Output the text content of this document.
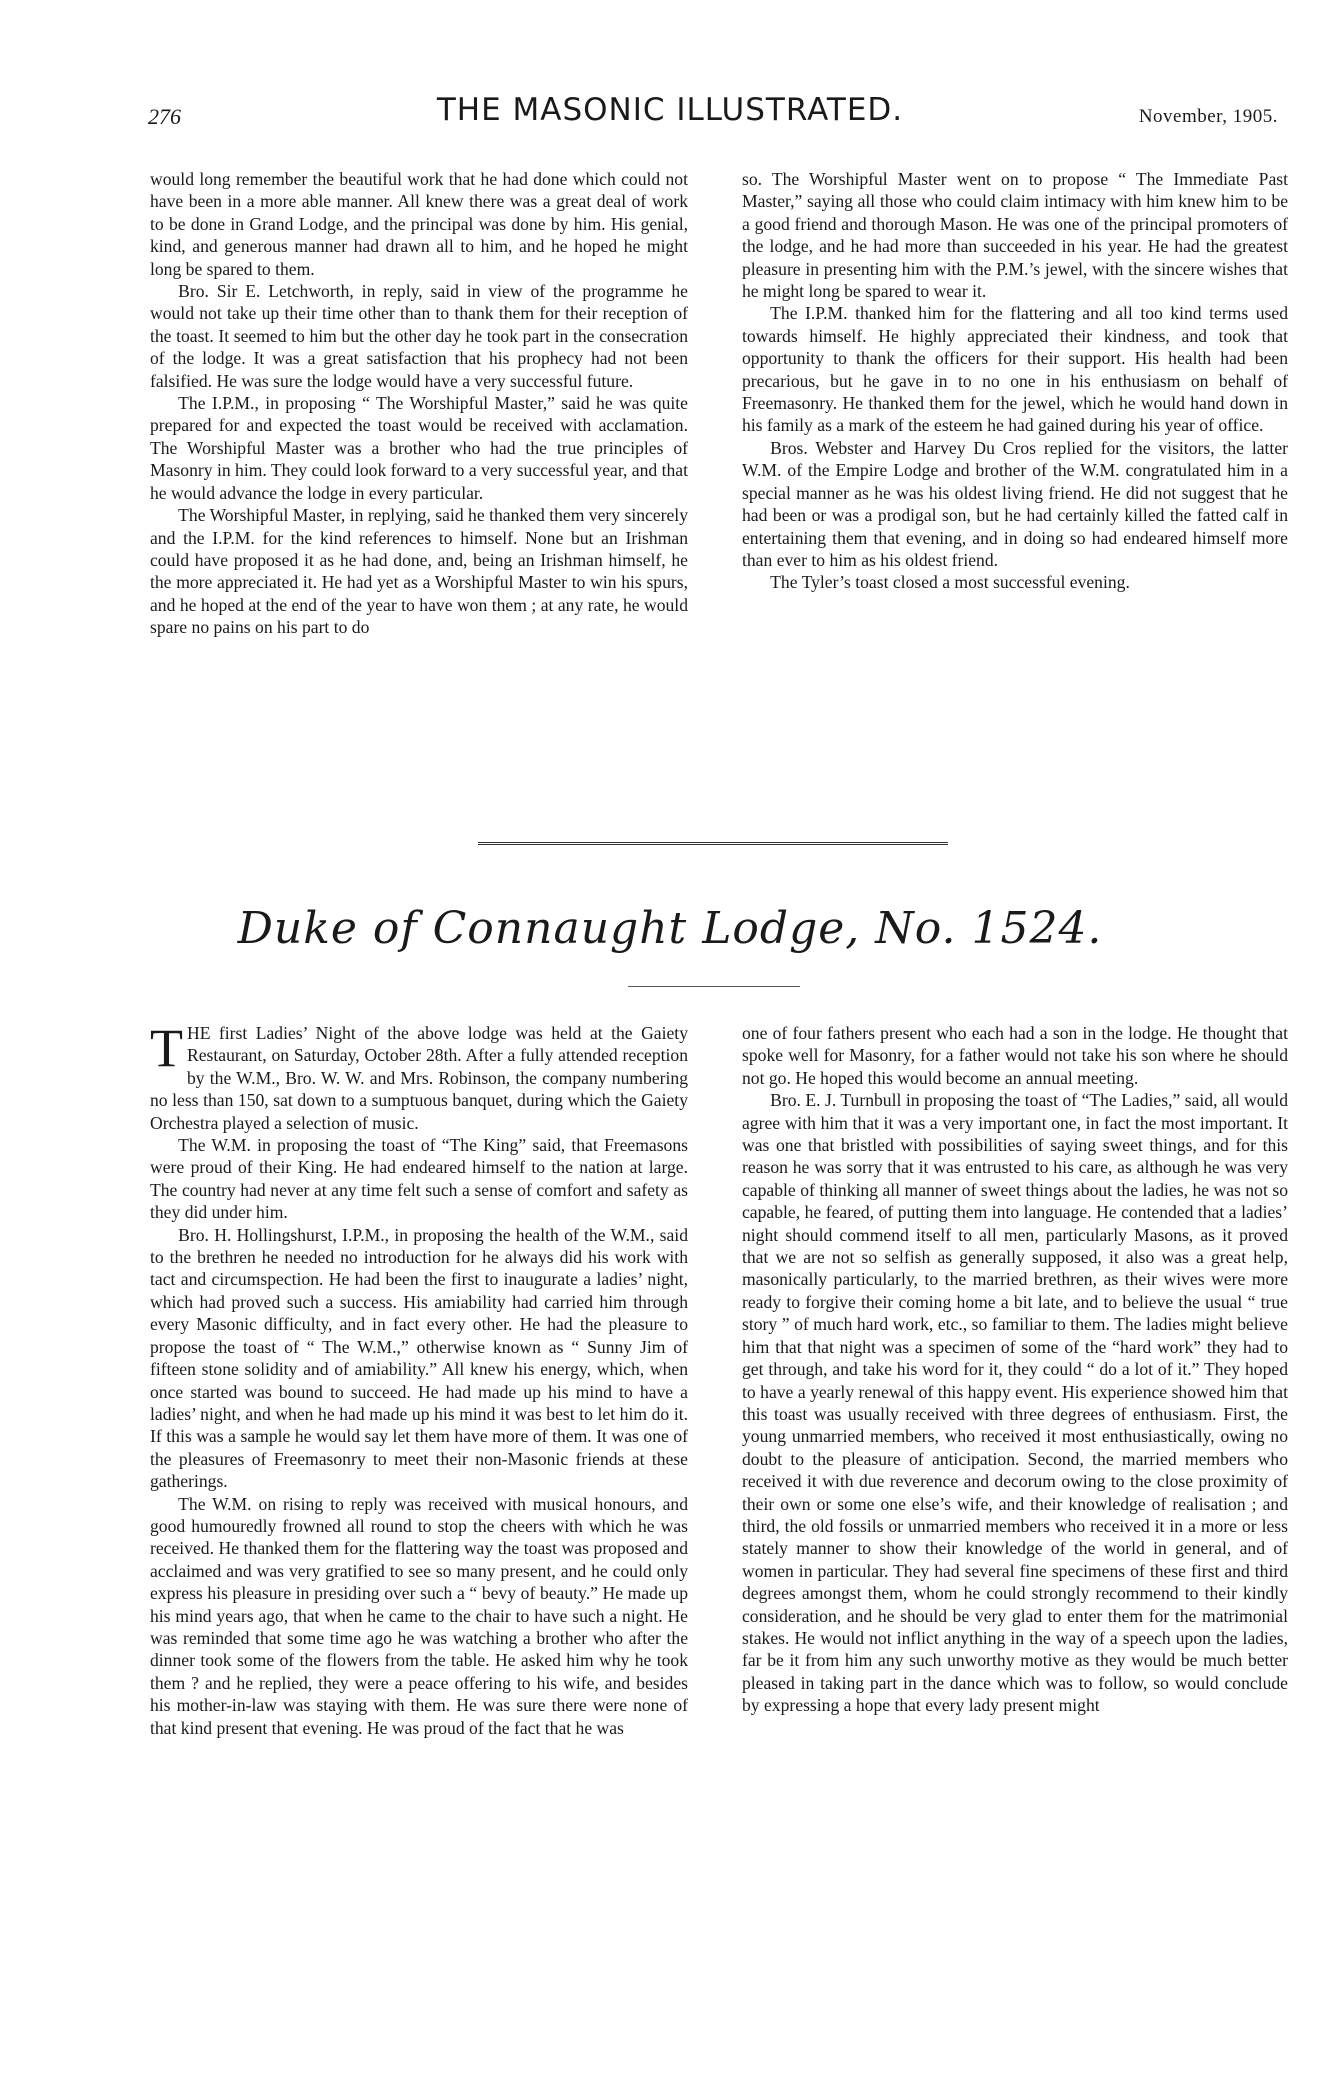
276	THE MASONIC ILLUSTRATED.	November, 1905.

would long remember the beautiful work that he had done which could not have been in a more able manner. All knew there was a great deal of work to be done in Grand Lodge, and the principal was done by him. His genial, kind, and generous manner had drawn all to him, and he hoped he might long be spared to them.

Bro. Sir E. Letchworth, in reply, said in view of the programme he would not take up their time other than to thank them for their reception of the toast. It seemed to him but the other day he took part in the consecration of the lodge. It was a great satisfaction that his prophecy had not been falsified. He was sure the lodge would have a very successful future.

The I.P.M., in proposing “ The Worshipful Master,” said he was quite prepared for and expected the toast would be received with acclamation. The Worshipful Master was a brother who had the true principles of Masonry in him. They could look forward to a very successful year, and that he would advance the lodge in every particular.

The Worshipful Master, in replying, said he thanked them very sincerely and the I.P.M. for the kind references to himself. None but an Irishman could have proposed it as he had done, and, being an Irishman himself, he the more appreciated it. He had yet as a Worshipful Master to win his spurs, and he hoped at the end of the year to have won them ; at any rate, he would spare no pains on his part to do

so. The Worshipful Master went on to propose “ The Immediate Past Master,” saying all those who could claim intimacy with him knew him to be a good friend and thorough Mason. He was one of the principal promoters of the lodge, and he had more than succeeded in his year. He had the greatest pleasure in presenting him with the P.M.’s jewel, with the sincere wishes that he might long be spared to wear it.

The I.P.M. thanked him for the flattering and all too kind terms used towards himself. He highly appreciated their kindness, and took that opportunity to thank the officers for their support. His health had been precarious, but he gave in to no one in his enthusiasm on behalf of Freemasonry. He thanked them for the jewel, which he would hand down in his family as a mark of the esteem he had gained during his year of office.

Bros. Webster and Harvey Du Cros replied for the visitors, the latter W.M. of the Empire Lodge and brother of the W.M. congratulated him in a special manner as he was his oldest living friend. He did not suggest that he had been or was a prodigal son, but he had certainly killed the fatted calf in entertaining them that evening, and in doing so had endeared himself more than ever to him as his oldest friend.

The Tyler’s toast closed a most successful evening.

Duke of Connaught Lodge, No. 1524.

THE first Ladies’ Night of the above lodge was held at the Gaiety Restaurant, on Saturday, October 28th. After a fully attended reception by the W.M., Bro. W. W. and Mrs. Robinson, the company numbering no less than 150, sat down to a sumptuous banquet, during which the Gaiety Orchestra played a selection of music.

The W.M. in proposing the toast of “The King” said, that Freemasons were proud of their King. He had endeared himself to the nation at large. The country had never at any time felt such a sense of comfort and safety as they did under him.

Bro. H. Hollingshurst, I.P.M., in proposing the health of the W.M., said to the brethren he needed no introduction for he always did his work with tact and circumspection. He had been the first to inaugurate a ladies’ night, which had proved such a success. His amiability had carried him through every Masonic difficulty, and in fact every other. He had the pleasure to propose the toast of “ The W.M.,” otherwise known as “ Sunny Jim of fifteen stone solidity and of amiability.” All knew his energy, which, when once started was bound to succeed. He had made up his mind to have a ladies’ night, and when he had made up his mind it was best to let him do it. If this was a sample he would say let them have more of them. It was one of the pleasures of Freemasonry to meet their non-Masonic friends at these gatherings.

The W.M. on rising to reply was received with musical honours, and good humouredly frowned all round to stop the cheers with which he was received. He thanked them for the flattering way the toast was proposed and acclaimed and was very gratified to see so many present, and he could only express his pleasure in presiding over such a “ bevy of beauty.” He made up his mind years ago, that when he came to the chair to have such a night. He was reminded that some time ago he was watching a brother who after the dinner took some of the flowers from the table. He asked him why he took them ? and he replied, they were a peace offering to his wife, and besides his mother-in-law was staying with them. He was sure there were none of that kind present that evening. He was proud of the fact that he was

one of four fathers present who each had a son in the lodge. He thought that spoke well for Masonry, for a father would not take his son where he should not go. He hoped this would become an annual meeting.

Bro. E. J. Turnbull in proposing the toast of “The Ladies,” said, all would agree with him that it was a very important one, in fact the most important. It was one that bristled with possibilities of saying sweet things, and for this reason he was sorry that it was entrusted to his care, as although he was very capable of thinking all manner of sweet things about the ladies, he was not so capable, he feared, of putting them into language. He contended that a ladies’ night should commend itself to all men, particularly Masons, as it proved that we are not so selfish as generally supposed, it also was a great help, masonically particularly, to the married brethren, as their wives were more ready to forgive their coming home a bit late, and to believe the usual “ true story ” of much hard work, etc., so familiar to them. The ladies might believe him that that night was a specimen of some of the “hard work” they had to get through, and take his word for it, they could “ do a lot of it.” They hoped to have a yearly renewal of this happy event. His experience showed him that this toast was usually received with three degrees of enthusiasm. First, the young unmarried members, who received it most enthusiastically, owing no doubt to the pleasure of anticipation. Second, the married members who received it with due reverence and decorum owing to the close proximity of their own or some one else’s wife, and their knowledge of realisation ; and third, the old fossils or unmarried members who received it in a more or less stately manner to show their knowledge of the world in general, and of women in particular. They had several fine specimens of these first and third degrees amongst them, whom he could strongly recommend to their kindly consideration, and he should be very glad to enter them for the matrimonial stakes. He would not inflict anything in the way of a speech upon the ladies, far be it from him any such unworthy motive as they would be much better pleased in taking part in the dance which was to follow, so would conclude by expressing a hope that every lady present might
